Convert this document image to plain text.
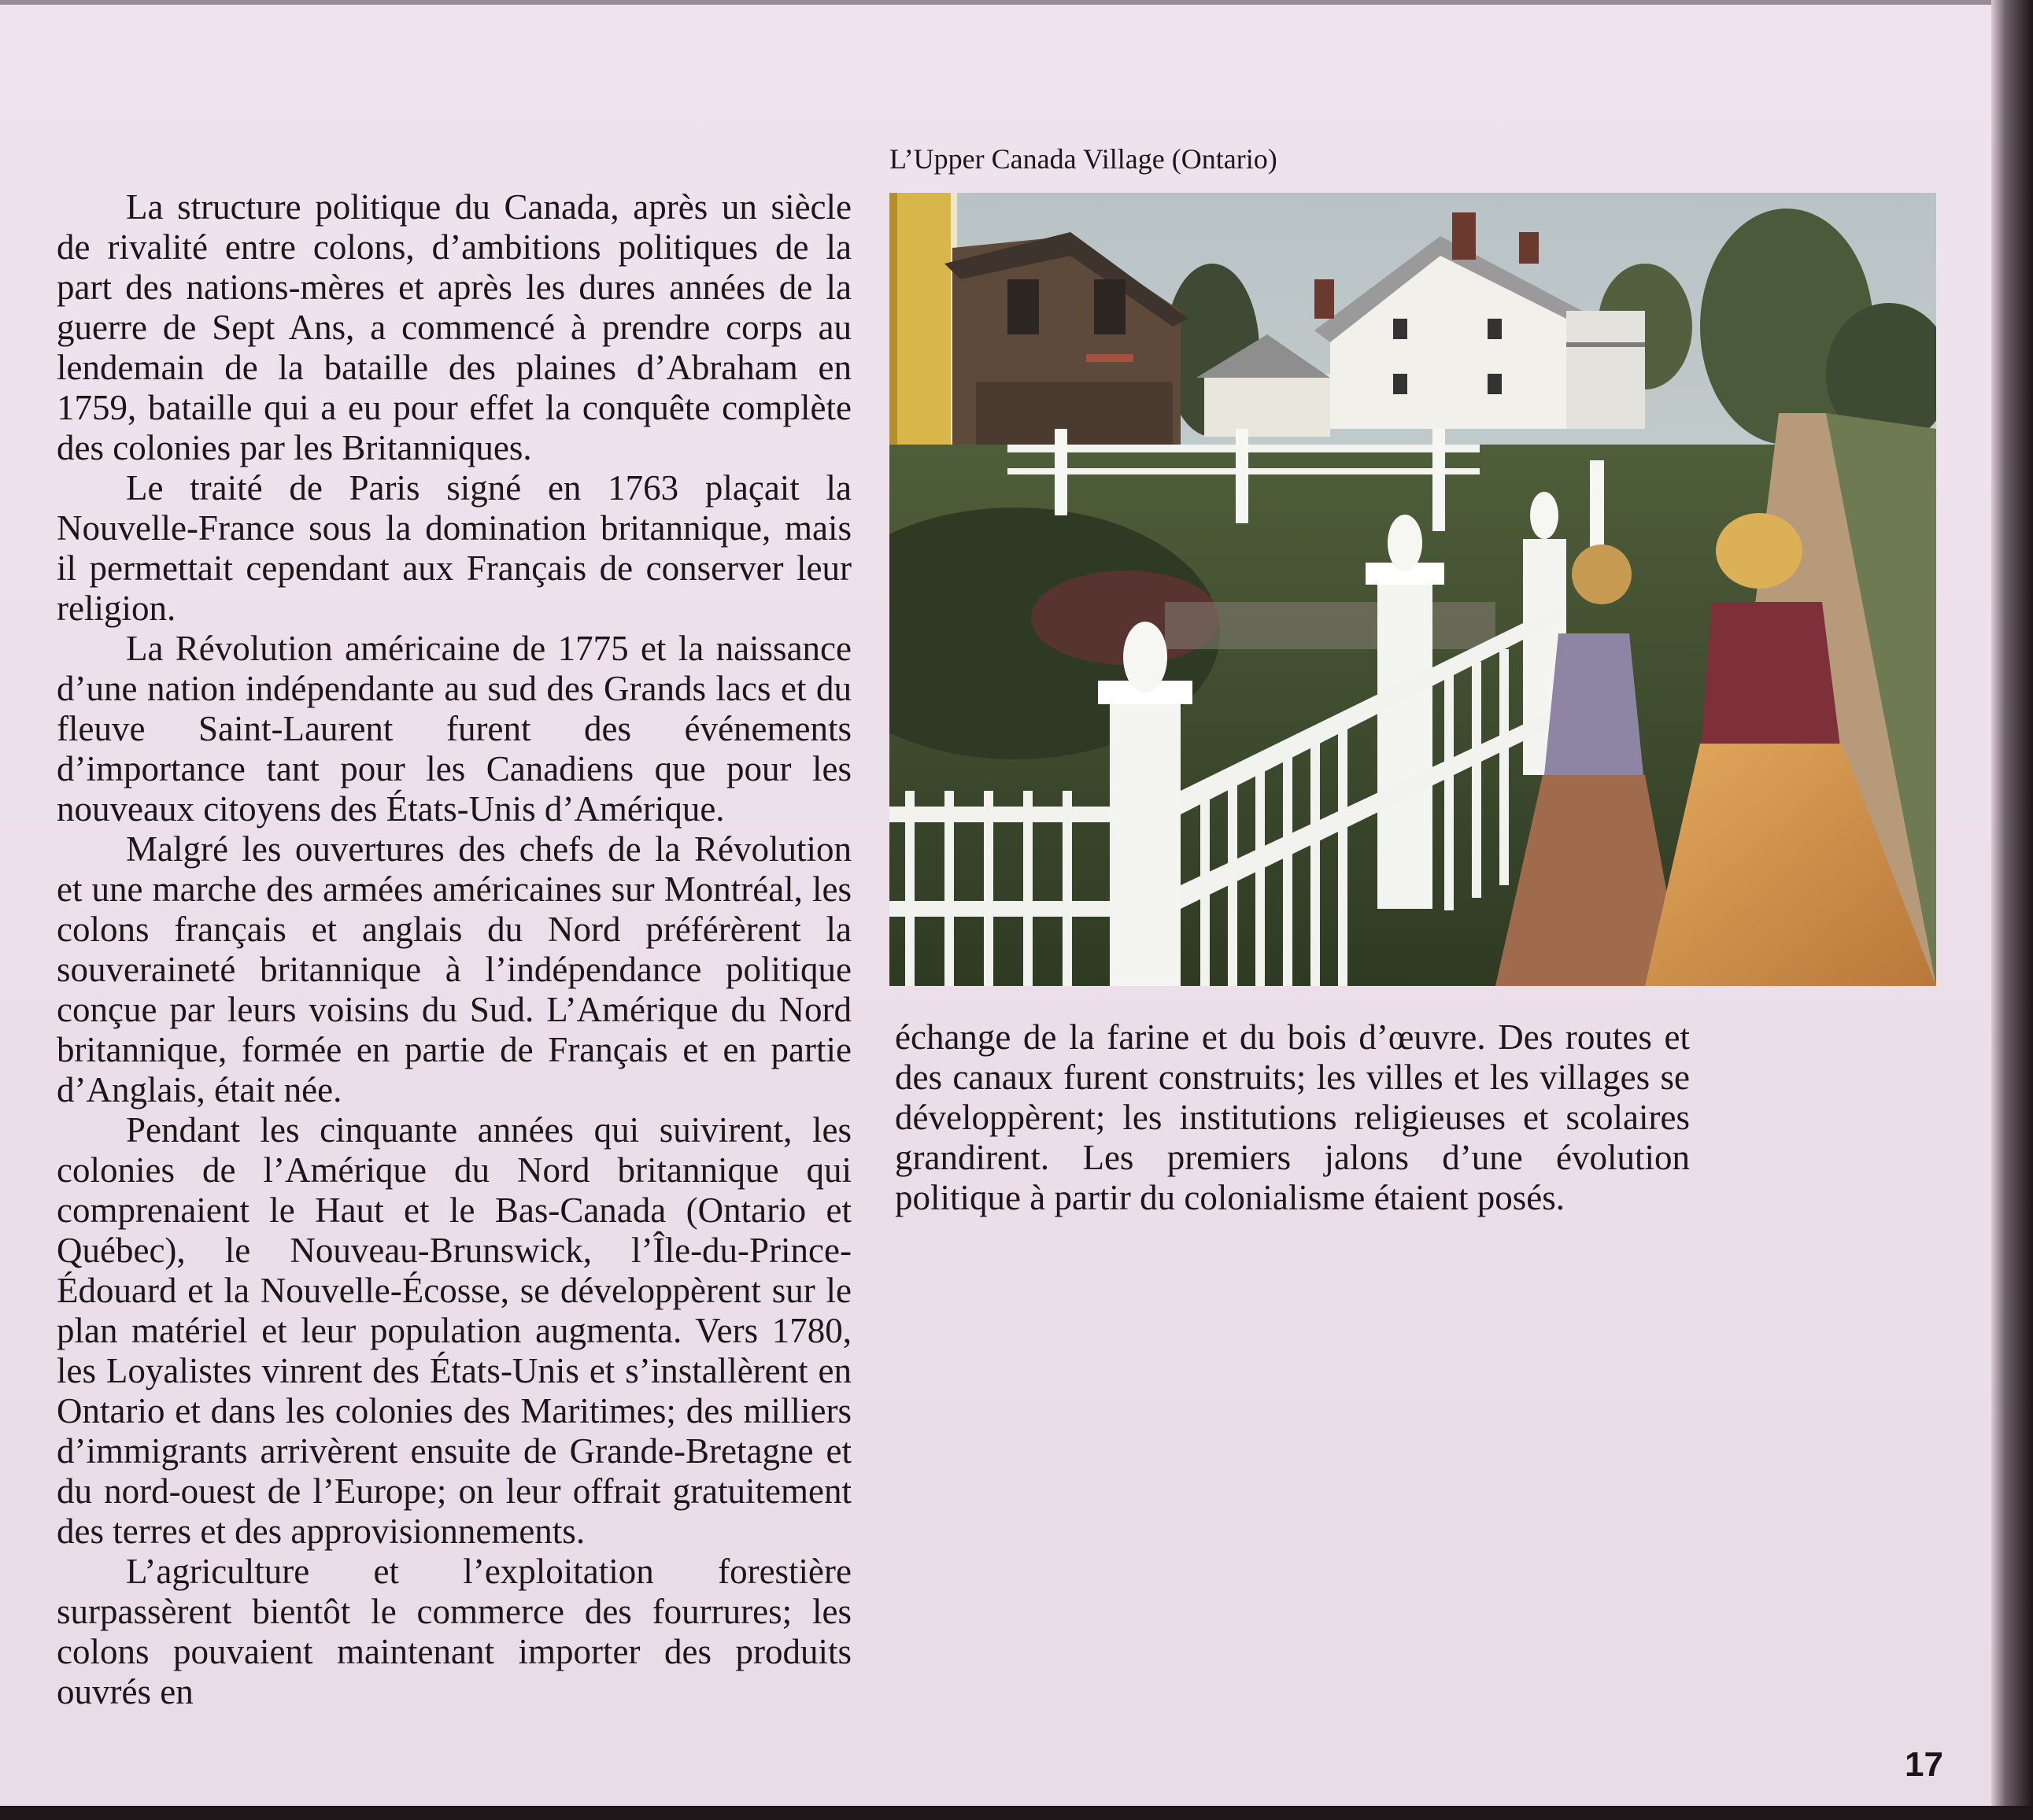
La structure politique du Canada, après un siècle de rivalité entre colons, d’ambitions politiques de la part des nations-mères et après les dures années de la guerre de Sept Ans, a commencé à prendre corps au lendemain de la bataille des plaines d’Abraham en 1759, bataille qui a eu pour effet la conquête complète des colonies par les Britanniques.

Le traité de Paris signé en 1763 plaçait la Nouvelle-France sous la domination britannique, mais il permettait cependant aux Français de conserver leur religion.

La Révolution américaine de 1775 et la naissance d’une nation indépendante au sud des Grands lacs et du fleuve Saint-Laurent furent des événements d’importance tant pour les Canadiens que pour les nouveaux citoyens des États-Unis d’Amérique.

Malgré les ouvertures des chefs de la Révolution et une marche des armées américaines sur Montréal, les colons français et anglais du Nord préférèrent la souveraineté britannique à l’indépendance politique conçue par leurs voisins du Sud. L’Amérique du Nord britannique, formée en partie de Français et en partie d’Anglais, était née.

Pendant les cinquante années qui suivirent, les colonies de l’Amérique du Nord britannique qui comprenaient le Haut et le Bas-Canada (Ontario et Québec), le Nouveau-Brunswick, l’Île-du-Prince-Édouard et la Nouvelle-Écosse, se développèrent sur le plan matériel et leur population augmenta. Vers 1780, les Loyalistes vinrent des États-Unis et s’installèrent en Ontario et dans les colonies des Maritimes; des milliers d’immigrants arrivèrent ensuite de Grande-Bretagne et du nord-ouest de l’Europe; on leur offrait gratuitement des terres et des approvisionnements.

L’agriculture et l’exploitation forestière surpassèrent bientôt le commerce des fourrures; les colons pouvaient maintenant importer des produits ouvrés en

L’Upper Canada Village (Ontario)

échange de la farine et du bois d’œuvre. Des routes et des canaux furent construits; les villes et les villages se développèrent; les institutions religieuses et scolaires grandirent. Les premiers jalons d’une évolution politique à partir du colonialisme étaient posés.

17
